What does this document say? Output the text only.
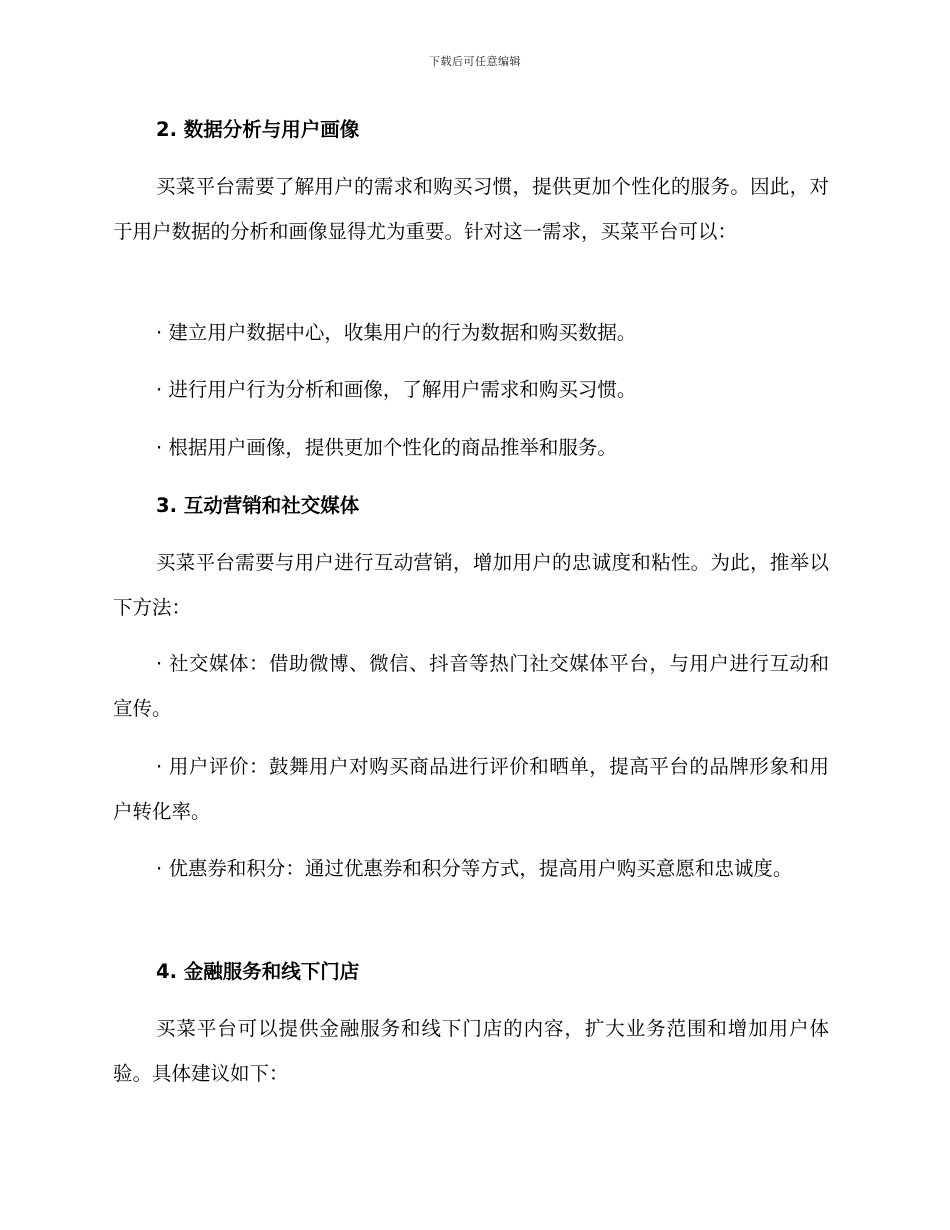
下载后可任意编辑
2. 数据分析与用户画像

买菜平台需要了解用户的需求和购买习惯，提供更加个性化的服务。因此，对于用户数据的分析和画像显得尤为重要。针对这一需求，买菜平台可以：

· 建立用户数据中心，收集用户的行为数据和购买数据。

· 进行用户行为分析和画像，了解用户需求和购买习惯。

· 根据用户画像，提供更加个性化的商品推举和服务。

3. 互动营销和社交媒体

买菜平台需要与用户进行互动营销，增加用户的忠诚度和粘性。为此，推举以下方法：

· 社交媒体：借助微博、微信、抖音等热门社交媒体平台，与用户进行互动和宣传。

· 用户评价：鼓舞用户对购买商品进行评价和晒单，提高平台的品牌形象和用户转化率。

· 优惠券和积分：通过优惠券和积分等方式，提高用户购买意愿和忠诚度。

4. 金融服务和线下门店

买菜平台可以提供金融服务和线下门店的内容，扩大业务范围和增加用户体验。具体建议如下：
